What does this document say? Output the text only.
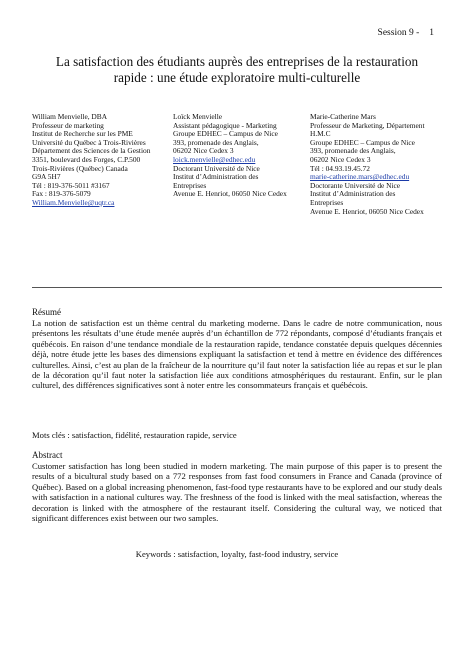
Session 9 - 1
La satisfaction des étudiants auprès des entreprises de la restauration
rapide : une étude exploratoire multi-culturelle
William Menvielle, DBA
Professeur de marketing
Institut de Recherche sur les PME
Université du Québec à Trois-Rivières
Département des Sciences de la Gestion
3351, boulevard des Forges, C.P.500
Trois-Rivières (Québec) Canada
G9A 5H7
Tél : 819-376-5011 #3167
Fax : 819-376-5079
William.Menvielle@uqtr.ca
Loïck Menvielle
Assistant pédagogique - Marketing
Groupe EDHEC – Campus de Nice
393, promenade des Anglais,
06202 Nice Cedex 3
loick.menvielle@edhec.edu
Doctorant Université de Nice
Institut d’Administration des
Entreprises
Avenue E. Henriot, 06050 Nice Cedex
Marie-Catherine Mars
Professeur de Marketing, Département
H.M.C
Groupe EDHEC – Campus de Nice
393, promenade des Anglais,
06202 Nice Cedex 3
Tél : 04.93.19.45.72
marie-catherine.mars@edhec.edu
Doctorante Université de Nice
Institut d’Administration des
Entreprises
Avenue E. Henriot, 06050 Nice Cedex
Résumé
La notion de satisfaction est un thème central du marketing moderne. Dans le cadre de notre communication, nous présentons les résultats d’une étude menée auprès d’un échantillon de 772 répondants, composé d’étudiants français et québécois. En raison d’une tendance mondiale de la restauration rapide, tendance constatée depuis quelques décennies déjà, notre étude jette les bases des dimensions expliquant la satisfaction et tend à mettre en évidence des différences culturelles. Ainsi, c’est au plan de la fraîcheur de la nourriture qu’il faut noter la satisfaction liée au repas et sur le plan de la décoration qu’il faut noter la satisfaction liée aux conditions atmosphériques du restaurant. Enfin, sur le plan culturel, des différences significatives sont à noter entre les consommateurs français et québécois.
Mots clés : satisfaction, fidélité, restauration rapide, service
Abstract
Customer satisfaction has long been studied in modern marketing. The main purpose of this paper is to present the results of a bicultural study based on a 772 responses from fast food consumers in France and Canada (province of Québec). Based on a global increasing phenomenon, fast-food type restaurants have to be explored and our study deals with satisfaction in a national cultures way. The freshness of the food is linked with the meal satisfaction, whereas the decoration is linked with the atmosphere of the restaurant itself. Considering the cultural way, we noticed that significant differences exist between our two samples.
Keywords : satisfaction, loyalty, fast-food industry, service
